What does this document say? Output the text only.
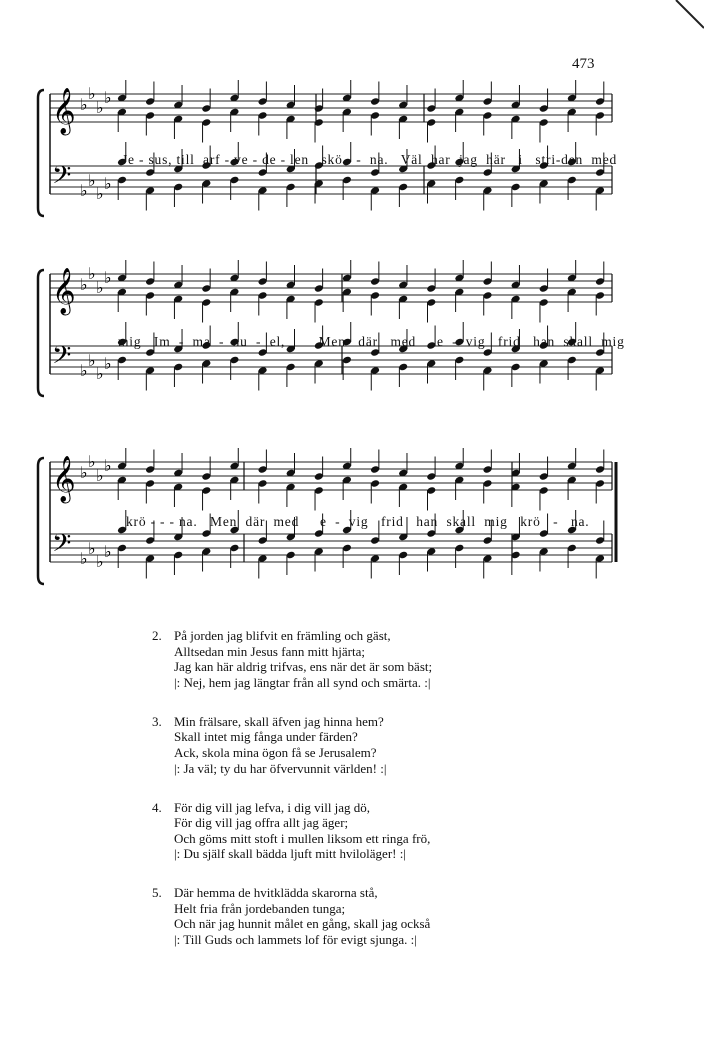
473
𝄞 ♭
♭
♭
♭
𝄢 ♭
♭
♭
♭
Je - sus, till  arf - ve - de - len   skö - -  na.   Väl  har  jag  här   i   stri-den  med
𝄞 ♭
♭
♭
♭
𝄢 ♭
♭
♭
♭
mig   Im  -  ma  -  nu  -  el,        Men   där   med     e  -  vig   frid   han  skall  mig
𝄞 ♭
♭
♭
♭
𝄢 ♭
♭
♭
♭
krö - - - na.   Men  där  med     e  -  vig   frid   han  skall  mig   krö   -   na.
2. På jorden jag blifvit en främling och gäst,
Alltsedan min Jesus fann mitt hjärta;
Jag kan här aldrig trifvas, ens när det är som bäst;
|: Nej, hem jag längtar från all synd och smärta. :|
3. Min frälsare, skall äfven jag hinna hem?
Skall intet mig fånga under färden?
Ack, skola mina ögon få se Jerusalem?
|: Ja väl; ty du har öfvervunnit världen! :|
4. För dig vill jag lefva, i dig vill jag dö,
För dig vill jag offra allt jag äger;
Och göms mitt stoft i mullen liksom ett ringa frö,
|: Du själf skall bädda ljuft mitt hviloläger! :|
5. Där hemma de hvitklädda skarorna stå,
Helt fria från jordebanden tunga;
Och när jag hunnit målet en gång, skall jag också
|: Till Guds och lammets lof för evigt sjunga. :|
